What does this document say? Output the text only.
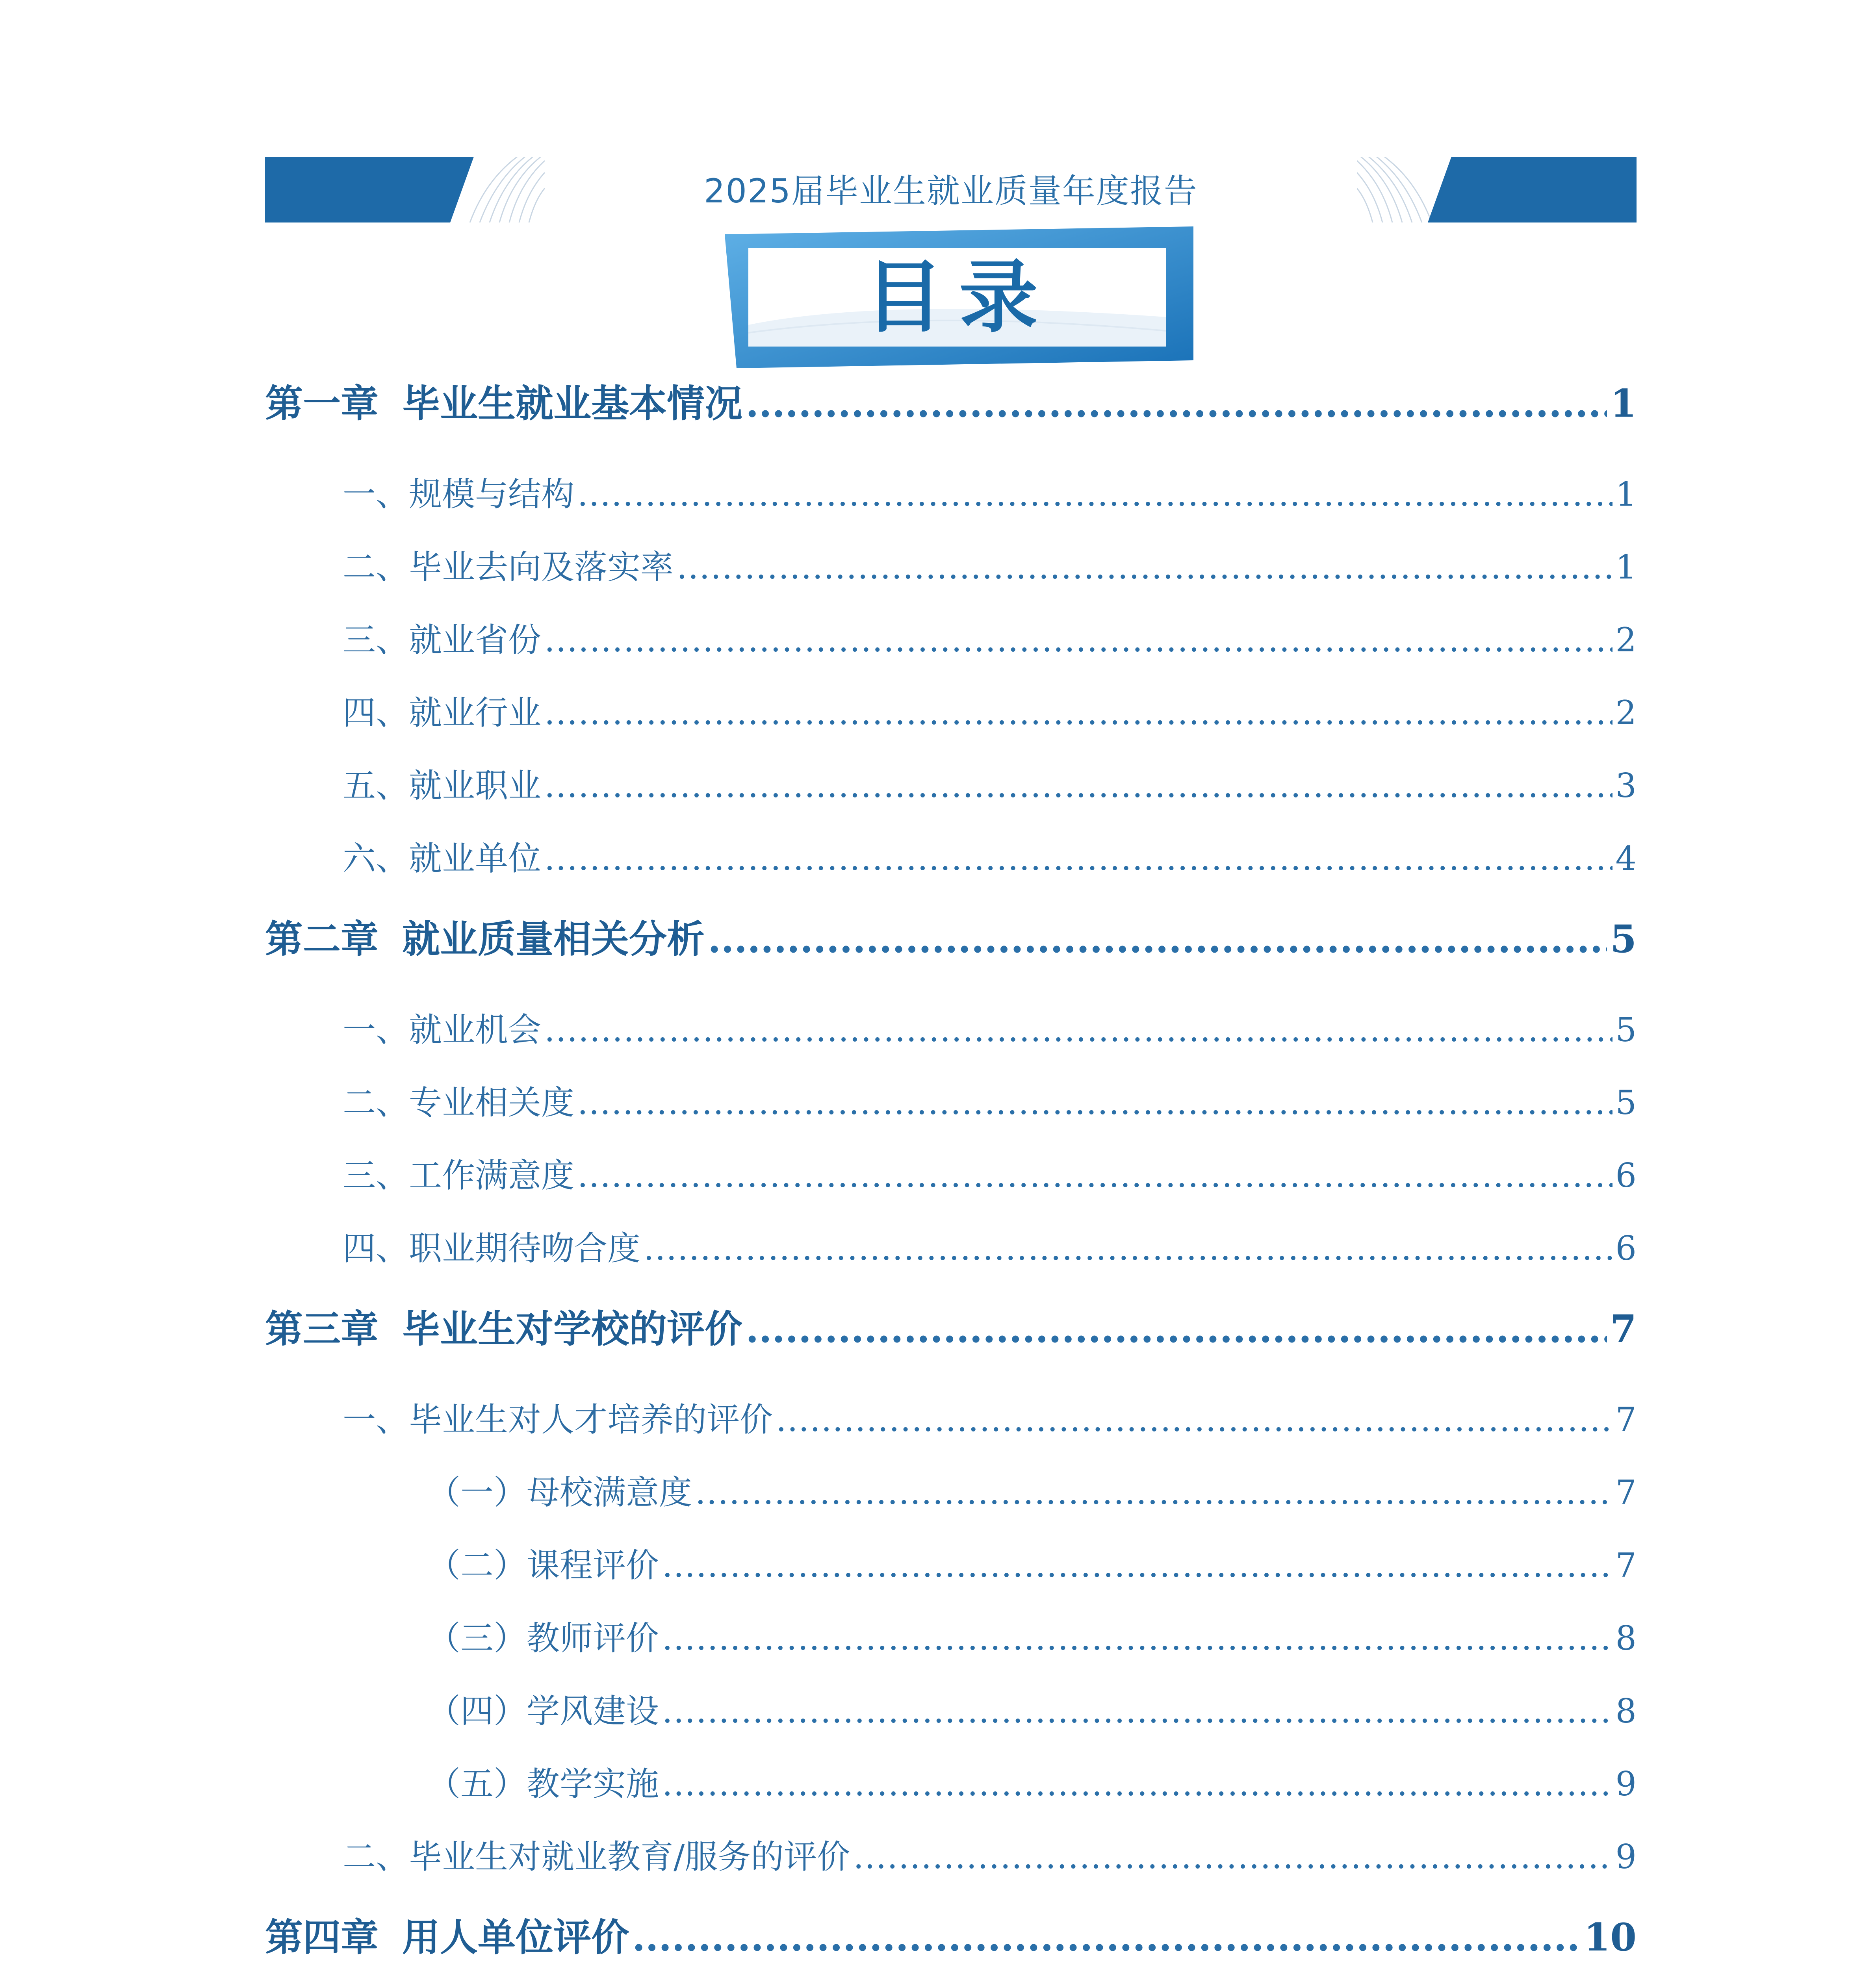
2025届毕业生就业质量年度报告
目录
第一章 毕业生就业基本情况 .....	1
一、规模与结构 .....	1
二、毕业去向及落实率 .....	1
三、就业省份 .....	2
四、就业行业 .....	2
五、就业职业 .....	3
六、就业单位 .....	4
第二章 就业质量相关分析 .....	5
一、就业机会 .....	5
二、专业相关度 .....	5
三、工作满意度 .....	6
四、职业期待吻合度 .....	6
第三章 毕业生对学校的评价 .....	7
一、毕业生对人才培养的评价 .....	7
（一）母校满意度 .....	7
（二）课程评价 .....	7
（三）教师评价 .....	8
（四）学风建设 .....	8
（五）教学实施 .....	9
二、毕业生对就业教育/服务的评价 .....	9
第四章 用人单位评价 .....	10
